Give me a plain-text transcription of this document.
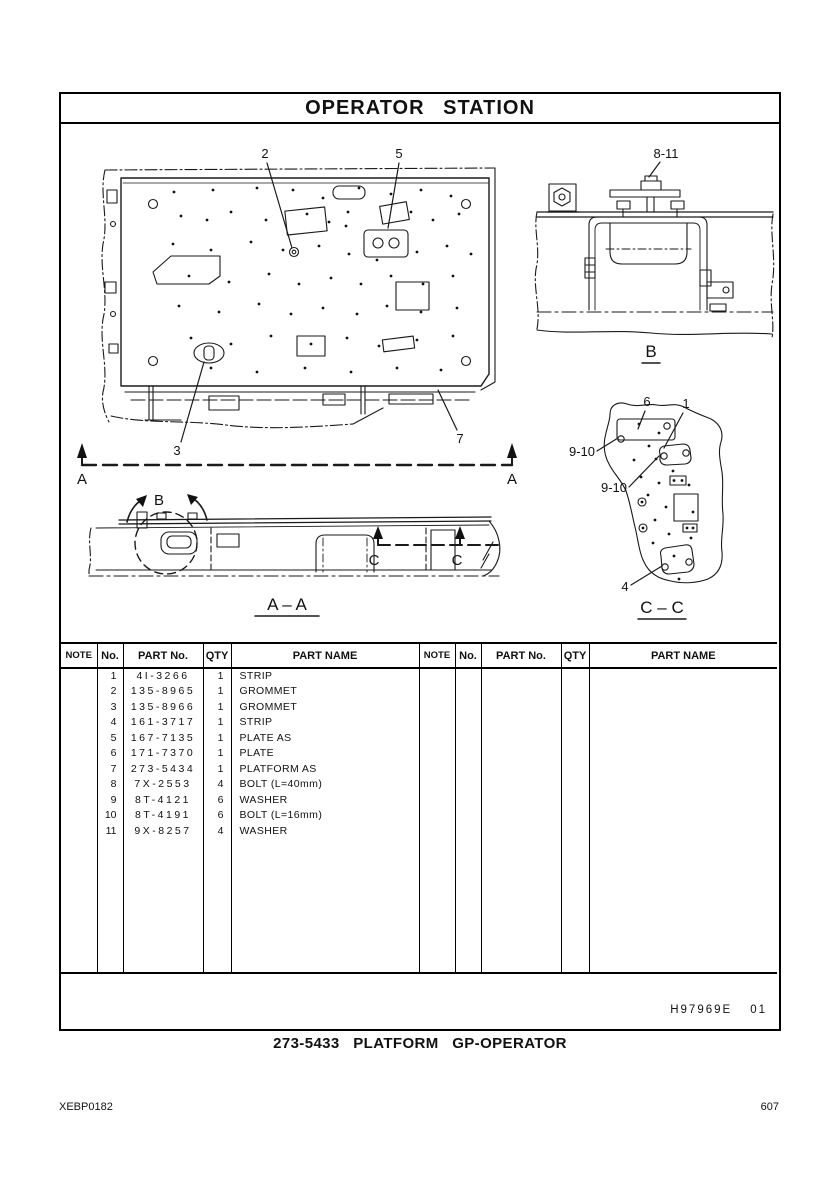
OPERATOR STATION
2	5
3
7
A	A
B
C	C
A – A
8-11
B
6 1
9-10
9-10
4
C – C
NOTE	No.	PART No.	QTY	PART NAME	NOTE	No.	PART No.	QTY	PART NAME
	1	4I-3266	1	STRIP					
	2	135-8965	1	GROMMET					
	3	135-8966	1	GROMMET					
	4	161-3717	1	STRIP					
	5	167-7135	1	PLATE AS					
	6	171-7370	1	PLATE					
	7	273-5434	1	PLATFORM AS					
	8	7X-2553	4	BOLT (L=40mm)					
	9	8T-4121	6	WASHER					
	10	8T-4191	6	BOLT (L=16mm)					
	11	9X-8257	4	WASHER					

H97969E 01
273-5433 PLATFORM GP-OPERATOR
XEBP0182	607
